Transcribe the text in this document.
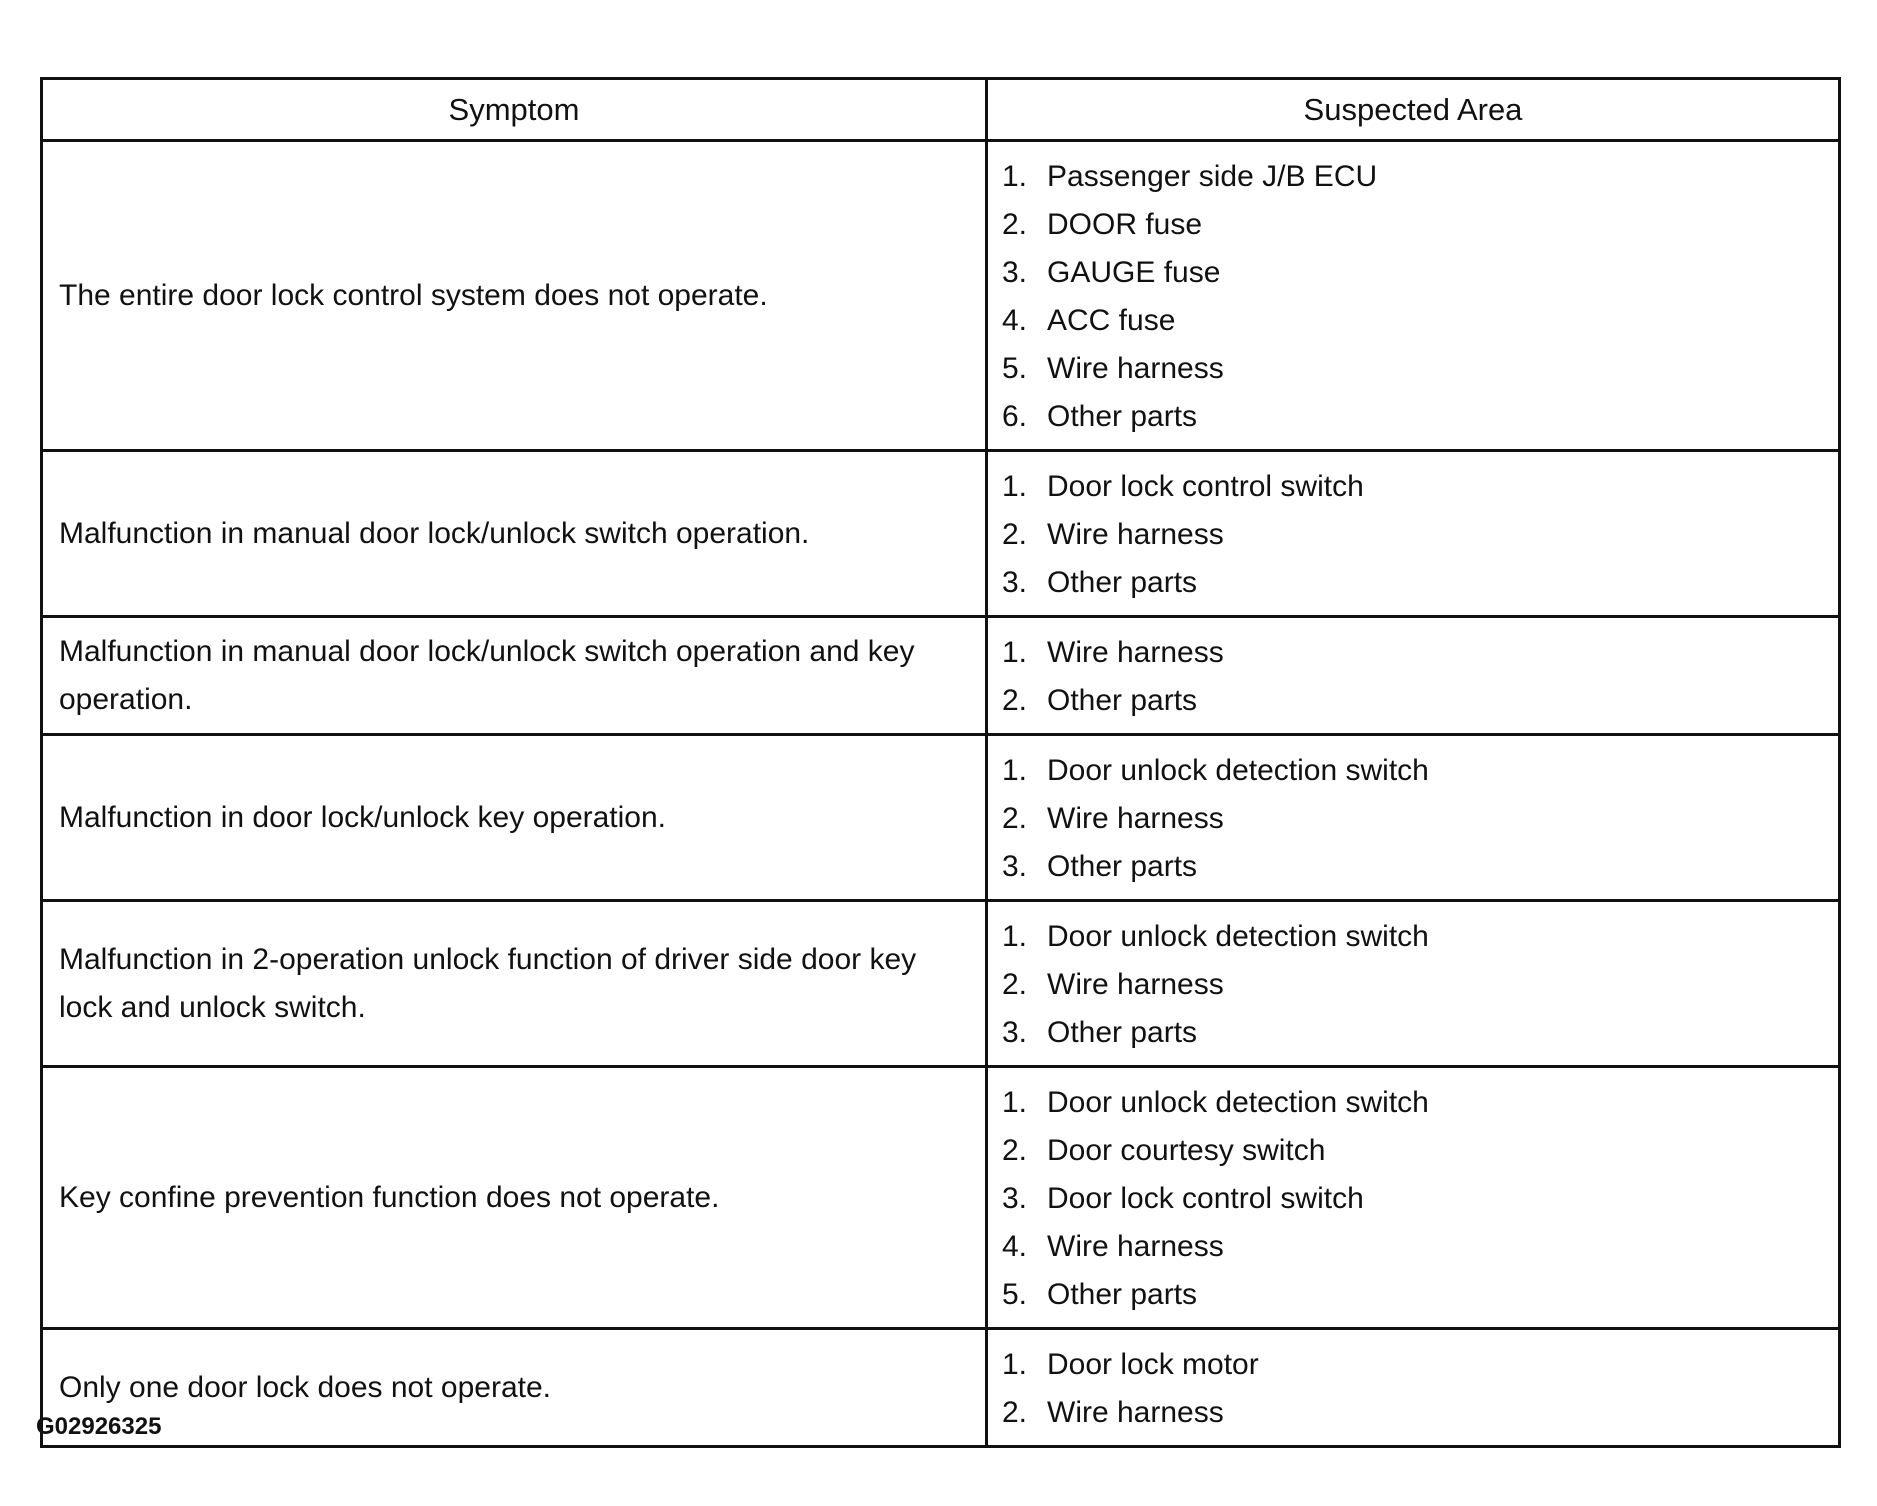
Symptom	Suspected Area
The entire door lock control system does not operate.
1. Passenger side J/B ECU
2. DOOR fuse
3. GAUGE fuse
4. ACC fuse
5. Wire harness
6. Other parts
Malfunction in manual door lock/unlock switch operation.
1. Door lock control switch
2. Wire harness
3. Other parts
Malfunction in manual door lock/unlock switch operation and key operation.
1. Wire harness
2. Other parts
Malfunction in door lock/unlock key operation.
1. Door unlock detection switch
2. Wire harness
3. Other parts
Malfunction in 2-operation unlock function of driver side door key lock and unlock switch.
1. Door unlock detection switch
2. Wire harness
3. Other parts
Key confine prevention function does not operate.
1. Door unlock detection switch
2. Door courtesy switch
3. Door lock control switch
4. Wire harness
5. Other parts
Only one door lock does not operate.
1. Door lock motor
2. Wire harness
G02926325
